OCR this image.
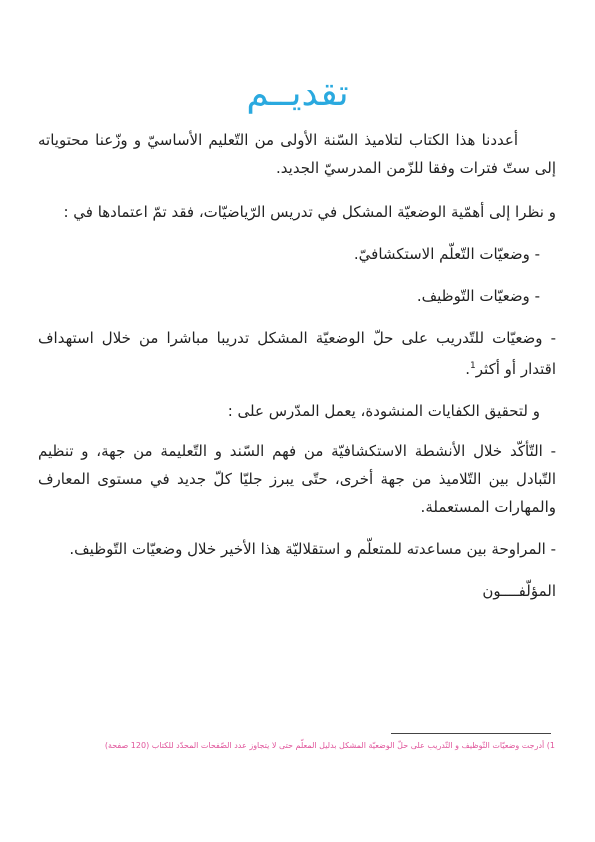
تقديــم

أعددنا هذا الكتاب لتلاميذ السّنة الأولى من التّعليم الأساسيّ و وزّعنا محتوياته إلى ستّ فترات وفقا للزّمن المدرسيّ الجديد.

و نظرا إلى أهمّية الوضعيّة المشكل في تدريس الرّياضيّات، فقد تمّ اعتمادها في :

- وضعيّات التّعلّم الاستكشافيّ.

- وضعيّات التّوظيف.

- وضعيّات للتّدريب على حلّ الوضعيّة المشكل تدريبا مباشرا من خلال استهداف اقتدار أو أكثر$^1$.

و لتحقيق الكفايات المنشودة، يعمل المدّرس على :

- التّأكّد خلال الأنشطة الاستكشافيّة من فهم السّند و التّعليمة من جهة، و تنظيم التّبادل بين التّلاميذ من جهة أخرى، حتّى يبرز جليّا كلّ جديد في مستوى المعارف والمهارات المستعملة.

- المراوحة بين مساعدته للمتعلّم و استقلاليّة هذا الأخير خلال وضعيّات التّوظيف.

المؤلّفــــون

1) أدرجت وضعيّات التّوظيف و التّدريب على حلّ الوضعيّة المشكل بدليل المعلّم حتى لا يتجاوز عدد الصّفحات المحدّد للكتاب (120 صفحة)
